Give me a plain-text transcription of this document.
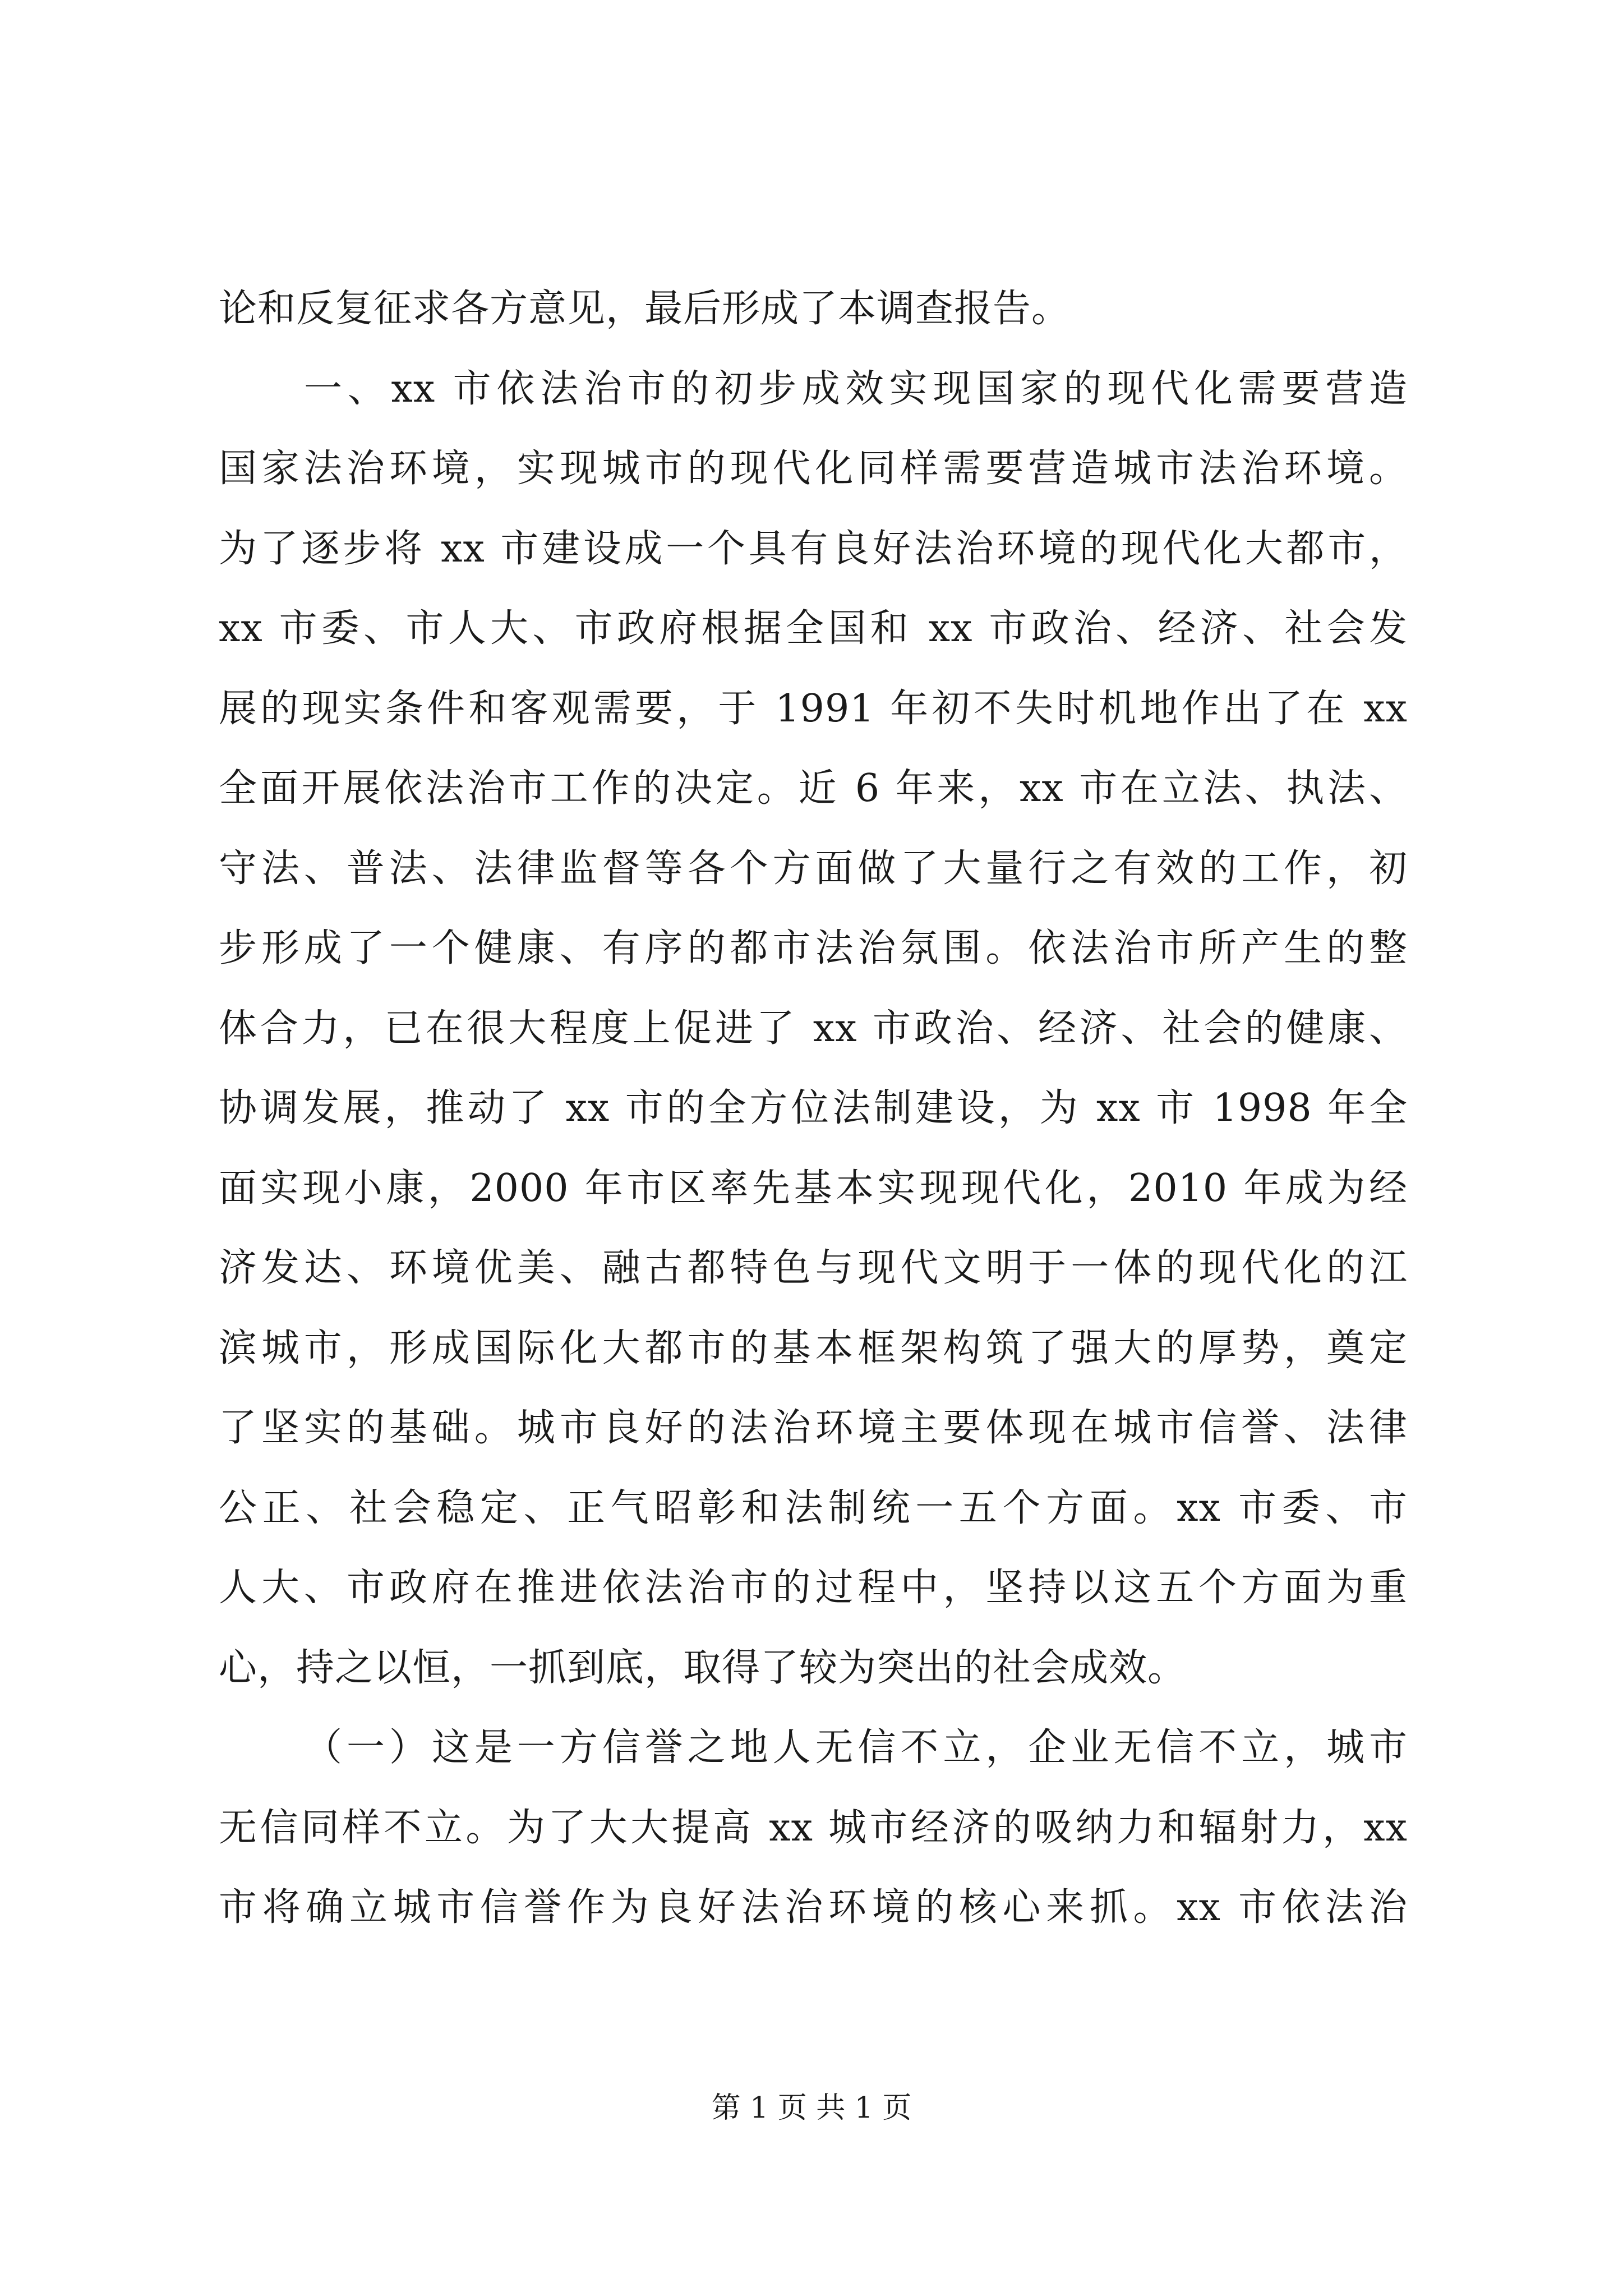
论和反复征求各方意见，最后形成了本调查报告。
一、xx 市依法治市的初步成效实现国家的现代化需要营造
国家法治环境，实现城市的现代化同样需要营造城市法治环境。
为了逐步将 xx 市建设成一个具有良好法治环境的现代化大都市，
xx 市委、市人大、市政府根据全国和 xx 市政治、经济、社会发
展的现实条件和客观需要，于 1991 年初不失时机地作出了在 xx
全面开展依法治市工作的决定。近 6 年来，xx 市在立法、执法、
守法、普法、法律监督等各个方面做了大量行之有效的工作，初
步形成了一个健康、有序的都市法治氛围。依法治市所产生的整
体合力，已在很大程度上促进了 xx 市政治、经济、社会的健康、
协调发展，推动了 xx 市的全方位法制建设，为 xx 市 1998 年全
面实现小康，2000 年市区率先基本实现现代化，2010 年成为经
济发达、环境优美、融古都特色与现代文明于一体的现代化的江
滨城市，形成国际化大都市的基本框架构筑了强大的厚势，奠定
了坚实的基础。城市良好的法治环境主要体现在城市信誉、法律
公正、社会稳定、正气昭彰和法制统一五个方面。xx 市委、市
人大、市政府在推进依法治市的过程中，坚持以这五个方面为重
心，持之以恒，一抓到底，取得了较为突出的社会成效。
（一）这是一方信誉之地人无信不立，企业无信不立，城市
无信同样不立。为了大大提高 xx 城市经济的吸纳力和辐射力，xx
市将确立城市信誉作为良好法治环境的核心来抓。xx 市依法治
第 1 页 共 1 页
